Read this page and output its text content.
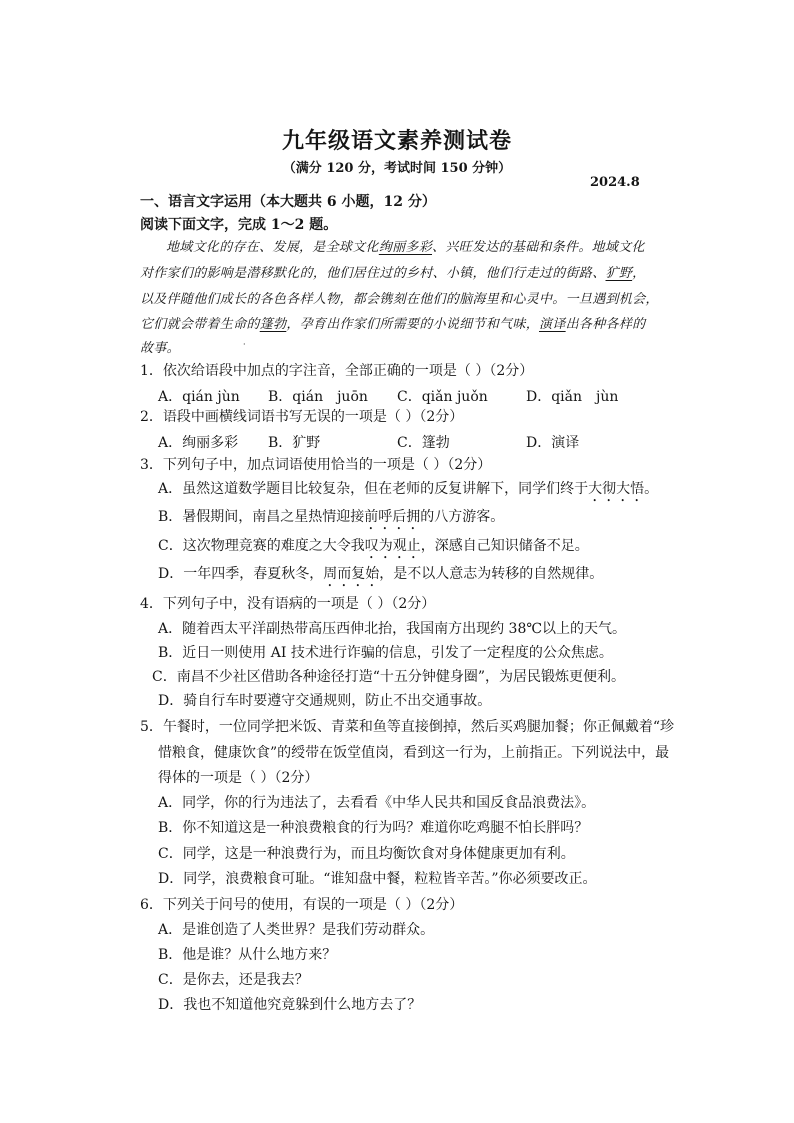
九年级语文素养测试卷
（满分 120 分，考试时间 150 分钟）
2024.8
一、语言文字运用（本大题共 6 小题，12 分）
阅读下面文字，完成 1～2 题。
地域文化的存在、发展，是全球文化绚丽多彩、兴旺发达的基础和条件。地域文化
对作家们的影响是潜移默化的，他们居住过的乡村、小镇，他们行走过的街路、犷野，
以及伴随他们成长的各色各样人物，都会镌刻在他们的脑海里和心灵中。一旦遇到机会，
它们就会带着生命的篷勃，孕育出作家们所需要的小说细节和气味，演译出各种各样的
故事。	·
1．依次给语段中加点的字注音，全部正确的一项是（ ）（2分）
A．qián jùn B．qián　juōn C．qiǎn juǒn	D．qiǎn　jùn
2．语段中画横线词语书写无误的一项是（ ）（2分）
A．绚丽多彩 B．犷野	C．篷勃	D．演译
3．下列句子中，加点词语使用恰当的一项是（ ）（2分）
A．虽然这道数学题目比较复杂，但在老师的反复讲解下，同学们终于大彻大悟。
B．暑假期间，南昌之星热情迎接前呼后拥的八方游客。
C．这次物理竞赛的难度之大令我叹为观止，深感自己知识储备不足。
D．一年四季，春夏秋冬，周而复始，是不以人意志为转移的自然规律。
4．下列句子中，没有语病的一项是（ ）（2分）
A．随着西太平洋副热带高压西伸北抬，我国南方出现约 38℃以上的天气。
B．近日一则使用 AI 技术进行诈骗的信息，引发了一定程度的公众焦虑。
C．南昌不少社区借助各种途径打造“十五分钟健身圈”，为居民锻炼更便利。
D．骑自行车时要遵守交通规则，防止不出交通事故。
5．午餐时，一位同学把米饭、青菜和鱼等直接倒掉，然后买鸡腿加餐；你正佩戴着“珍
惜粮食，健康饮食”的绶带在饭堂值岗，看到这一行为，上前指正。下列说法中，最
得体的一项是（ ）（2分）
A．同学，你的行为违法了，去看看《中华人民共和国反食品浪费法》。
B．你不知道这是一种浪费粮食的行为吗？难道你吃鸡腿不怕长胖吗？
C．同学，这是一种浪费行为，而且均衡饮食对身体健康更加有利。
D．同学，浪费粮食可耻。“谁知盘中餐，粒粒皆辛苦。”你必须要改正。
6．下列关于问号的使用，有误的一项是（ ）（2分）
A．是谁创造了人类世界？是我们劳动群众。
B．他是谁？从什么地方来？
C．是你去，还是我去？
D．我也不知道他究竟躲到什么地方去了？
